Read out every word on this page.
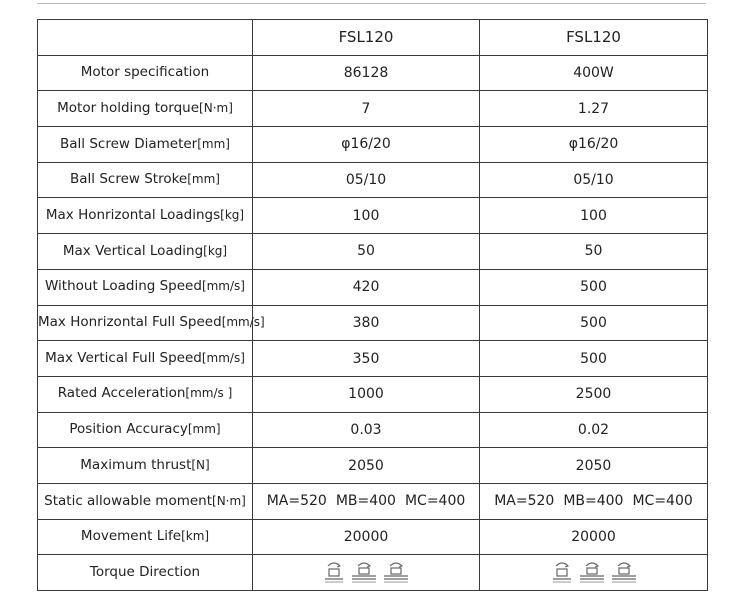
	FSL120	FSL120
Motor specification	86128	400W
Motor holding torque[N·m]	7	1.27
Ball Screw Diameter[mm]	φ16/20	φ16/20
Ball Screw Stroke[mm]	05/10	05/10
Max Honrizontal Loadings[kg]	100	100
Max Vertical Loading[kg]	50	50
Without Loading Speed[mm/s]	420	500
Max Honrizontal Full Speed[mm/s]	380	500
Max Vertical Full Speed[mm/s]	350	500
Rated Acceleration[mm/s ]	1000	2500
Position Accuracy[mm]	0.03	0.02
Maximum thrust[N]	2050	2050
Static allowable moment[N·m]	MA=520 MB=400 MC=400	MA=520 MB=400 MC=400
Movement Life[km]	20000	20000
Torque Direction	
